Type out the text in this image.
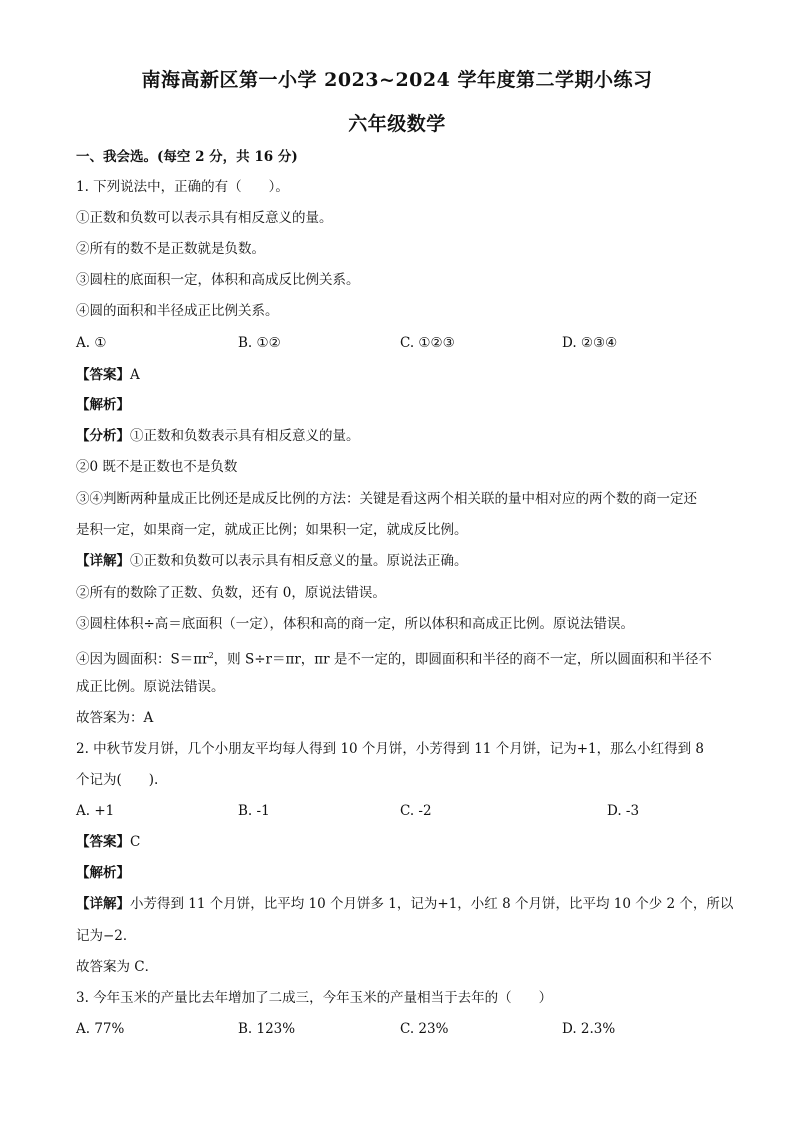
南海高新区第一小学 2023~2024 学年度第二学期小练习
六年级数学
一、我会选。(每空 2 分，共 16 分)
1. 下列说法中，正确的有（　　）。
①正数和负数可以表示具有相反意义的量。
②所有的数不是正数就是负数。
③圆柱的底面积一定，体积和高成反比例关系。
④圆的面积和半径成正比例关系。
A. ①	B. ①②	C. ①②③	D. ②③④
【答案】A
【解析】
【分析】①正数和负数表示具有相反意义的量。
②0 既不是正数也不是负数
③④判断两种量成正比例还是成反比例的方法：关键是看这两个相关联的量中相对应的两个数的商一定还
是积一定，如果商一定，就成正比例；如果积一定，就成反比例。
【详解】①正数和负数可以表示具有相反意义的量。原说法正确。
②所有的数除了正数、负数，还有 0，原说法错误。
③圆柱体积÷高＝底面积（一定），体积和高的商一定，所以体积和高成正比例。原说法错误。
④因为圆面积：$S=\pi r^2$，则 S÷r＝πr，πr 是不一定的，即圆面积和半径的商不一定，所以圆面积和半径不
成正比例。原说法错误。
故答案为：A
2. 中秋节发月饼，几个小朋友平均每人得到 10 个月饼，小芳得到 11 个月饼，记为+1，那么小红得到 8
个记为(　　).
A. +1	B. -1	C. -2	D. -3
【答案】C
【解析】
【详解】小芳得到 11 个月饼，比平均 10 个月饼多 1，记为+1，小红 8 个月饼，比平均 10 个少 2 个，所以
记为−2．
故答案为 C．
3. 今年玉米的产量比去年增加了二成三，今年玉米的产量相当于去年的（　　）
A. 77%	B. 123%	C. 23%	D. 2.3%
